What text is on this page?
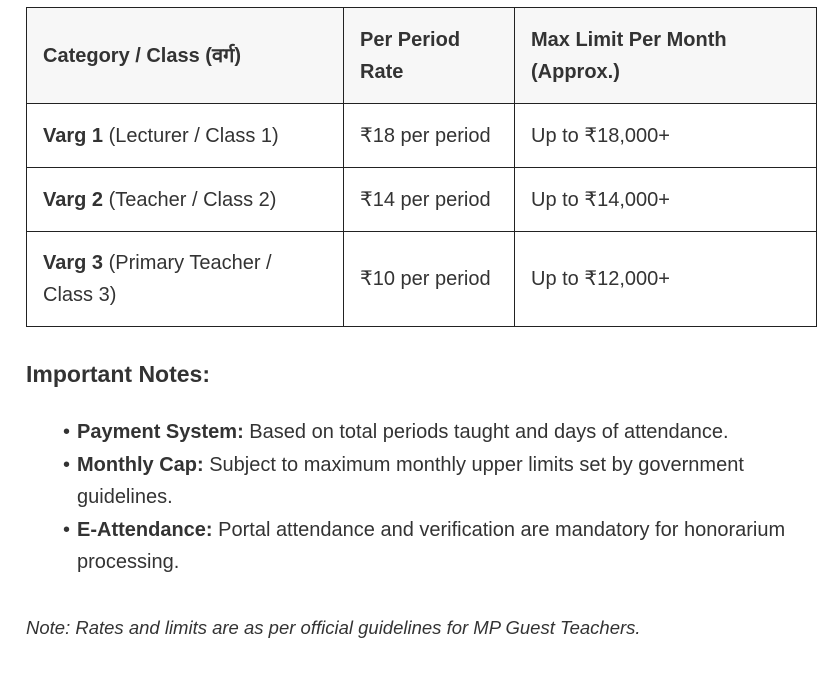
Category / Class (वर्ग)	Per Period Rate	Max Limit Per Month (Approx.)
Varg 1 (Lecturer / Class 1)	₹18 per period	Up to ₹18,000+
Varg 2 (Teacher / Class 2)	₹14 per period	Up to ₹14,000+
Varg 3 (Primary Teacher / Class 3)	₹10 per period	Up to ₹12,000+
Important Notes:
• Payment System: Based on total periods taught and days of attendance.
• Monthly Cap: Subject to maximum monthly upper limits set by government guidelines.
• E-Attendance: Portal attendance and verification are mandatory for honorarium processing.

Note: Rates and limits are as per official guidelines for MP Guest Teachers.
